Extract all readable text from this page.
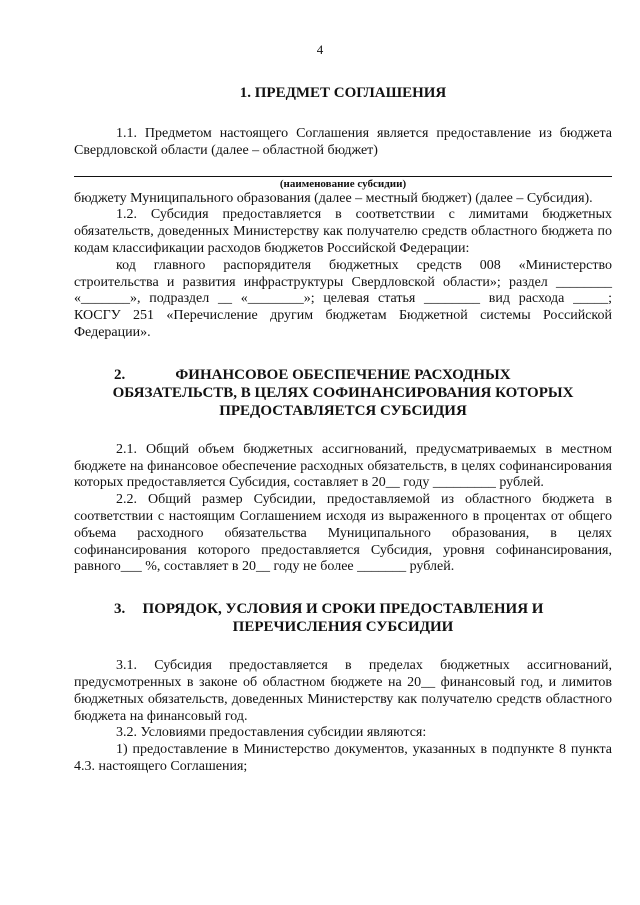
4
1. ПРЕДМЕТ СОГЛАШЕНИЯ

1.1. Предметом настоящего Соглашения является предоставление из бюджета Свердловской области (далее – областной бюджет)

(наименование субсидии)

бюджету Муниципального образования (далее – местный бюджет) (далее – Субсидия).

1.2. Субсидия предоставляется в соответствии с лимитами бюджетных обязательств, доведенных Министерству как получателю средств областного бюджета по кодам классификации расходов бюджетов Российской Федерации:

код главного распорядителя бюджетных средств 008 «Министерство строительства и развития инфраструктуры Свердловской области»; раздел ________ «_______», подраздел __ «________»; целевая статья ________ вид расхода _____; КОСГУ 251 «Перечисление другим бюджетам Бюджетной системы Российской Федерации».

2.	ФИНАНСОВОЕ ОБЕСПЕЧЕНИЕ РАСХОДНЫХ
ОБЯЗАТЕЛЬСТВ, В ЦЕЛЯХ СОФИНАНСИРОВАНИЯ КОТОРЫХ
ПРЕДОСТАВЛЯЕТСЯ СУБСИДИЯ

2.1. Общий объем бюджетных ассигнований, предусматриваемых в местном бюджете на финансовое обеспечение расходных обязательств, в целях софинансирования которых предоставляется Субсидия, составляет в 20__ году _________ рублей.

2.2. Общий размер Субсидии, предоставляемой из областного бюджета в соответствии с настоящим Соглашением исходя из выраженного в процентах от общего объема расходного обязательства Муниципального образования, в целях софинансирования которого предоставляется Субсидия, уровня софинансирования, равного___ %, составляет в 20__ году не более _______ рублей.

3.	ПОРЯДОК, УСЛОВИЯ И СРОКИ ПРЕДОСТАВЛЕНИЯ И
ПЕРЕЧИСЛЕНИЯ СУБСИДИИ

3.1. Субсидия предоставляется в пределах бюджетных ассигнований, предусмотренных в законе об областном бюджете на 20__ финансовый год, и лимитов бюджетных обязательств, доведенных Министерству как получателю средств областного бюджета на финансовый год.

3.2. Условиями предоставления субсидии являются:

1) предоставление в Министерство документов, указанных в подпункте 8 пункта 4.3. настоящего Соглашения;
